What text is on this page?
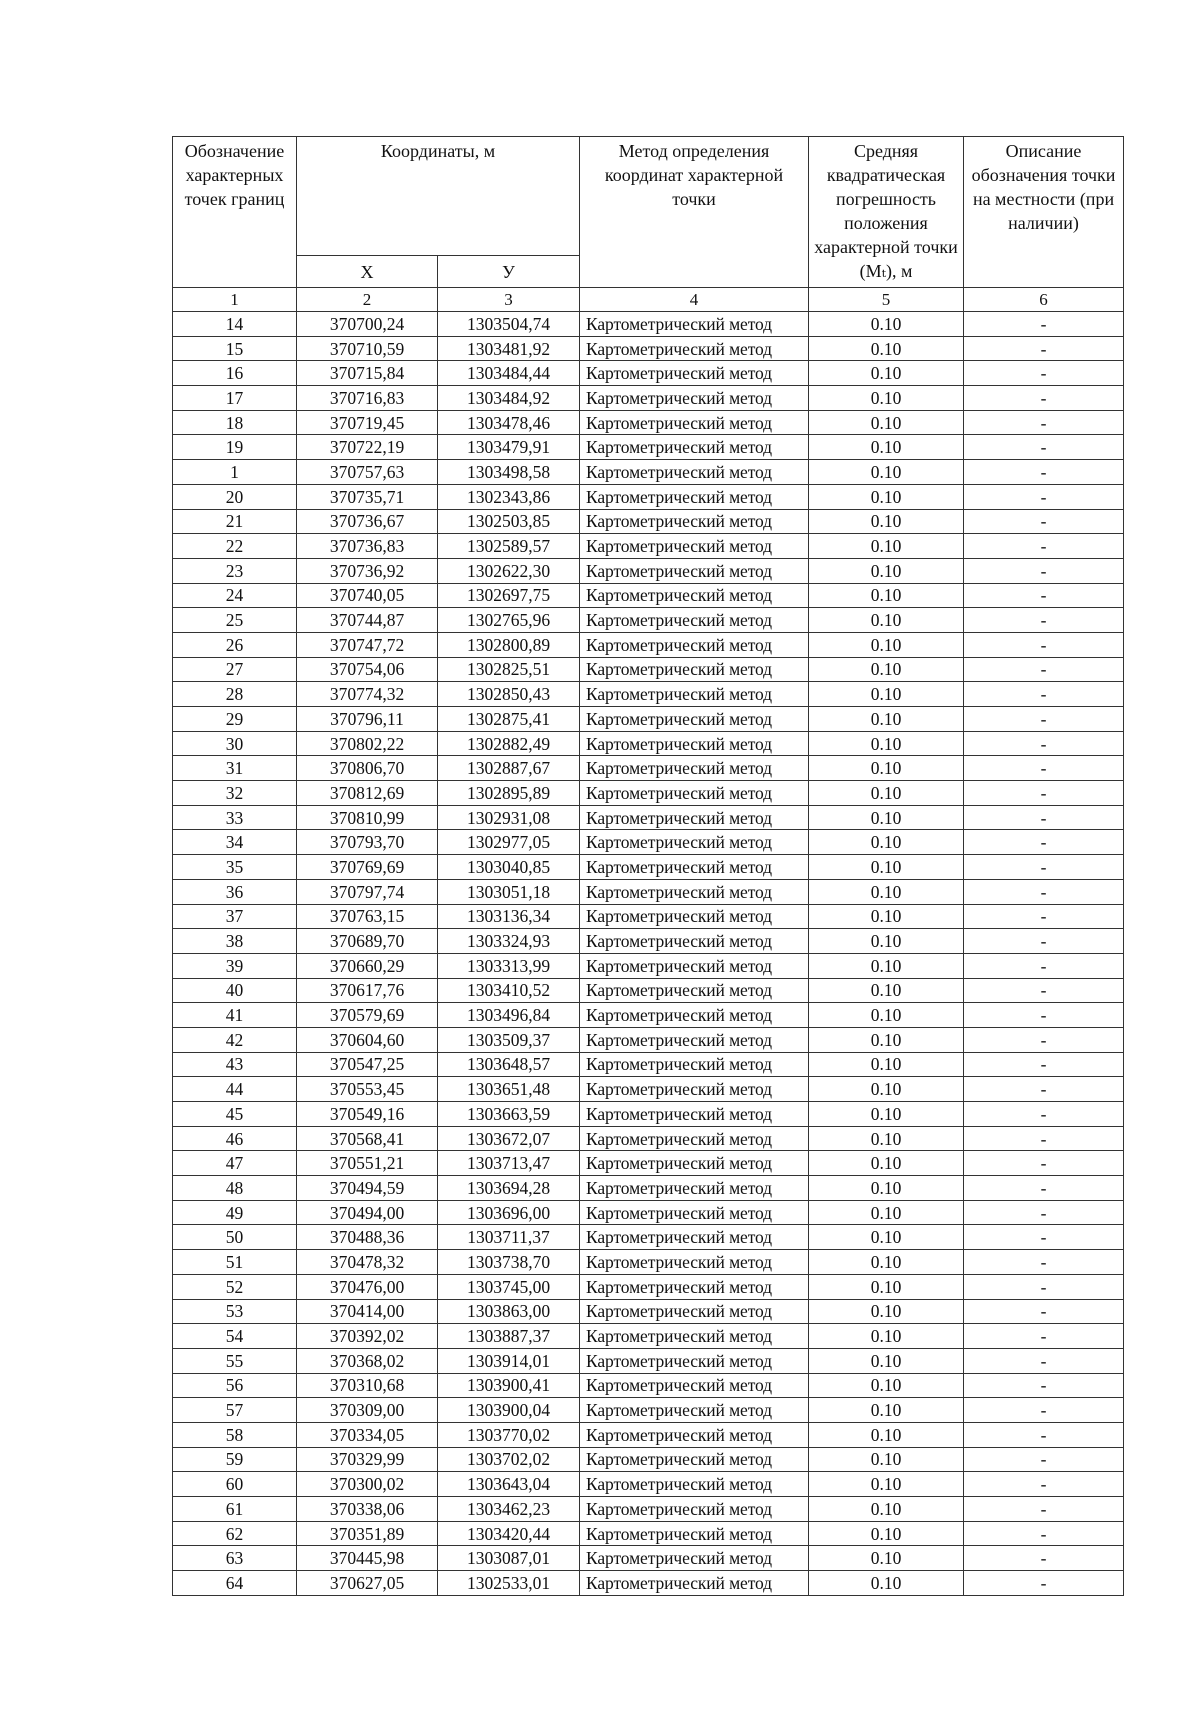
Обозначение характерных точек границ	Координаты, м		Метод определения координат характерной точки	Средняя квадратическая погрешность положения характерной точки (Mₜ), м	Описание обозначения точки на местности (при наличии)
	X	У			
1	2	3	4	5	6
14	370700,24	1303504,74	Картометрический метод	0.10	-
15	370710,59	1303481,92	Картометрический метод	0.10	-
16	370715,84	1303484,44	Картометрический метод	0.10	-
17	370716,83	1303484,92	Картометрический метод	0.10	-
18	370719,45	1303478,46	Картометрический метод	0.10	-
19	370722,19	1303479,91	Картометрический метод	0.10	-
1	370757,63	1303498,58	Картометрический метод	0.10	-
20	370735,71	1302343,86	Картометрический метод	0.10	-
21	370736,67	1302503,85	Картометрический метод	0.10	-
22	370736,83	1302589,57	Картометрический метод	0.10	-
23	370736,92	1302622,30	Картометрический метод	0.10	-
24	370740,05	1302697,75	Картометрический метод	0.10	-
25	370744,87	1302765,96	Картометрический метод	0.10	-
26	370747,72	1302800,89	Картометрический метод	0.10	-
27	370754,06	1302825,51	Картометрический метод	0.10	-
28	370774,32	1302850,43	Картометрический метод	0.10	-
29	370796,11	1302875,41	Картометрический метод	0.10	-
30	370802,22	1302882,49	Картометрический метод	0.10	-
31	370806,70	1302887,67	Картометрический метод	0.10	-
32	370812,69	1302895,89	Картометрический метод	0.10	-
33	370810,99	1302931,08	Картометрический метод	0.10	-
34	370793,70	1302977,05	Картометрический метод	0.10	-
35	370769,69	1303040,85	Картометрический метод	0.10	-
36	370797,74	1303051,18	Картометрический метод	0.10	-
37	370763,15	1303136,34	Картометрический метод	0.10	-
38	370689,70	1303324,93	Картометрический метод	0.10	-
39	370660,29	1303313,99	Картометрический метод	0.10	-
40	370617,76	1303410,52	Картометрический метод	0.10	-
41	370579,69	1303496,84	Картометрический метод	0.10	-
42	370604,60	1303509,37	Картометрический метод	0.10	-
43	370547,25	1303648,57	Картометрический метод	0.10	-
44	370553,45	1303651,48	Картометрический метод	0.10	-
45	370549,16	1303663,59	Картометрический метод	0.10	-
46	370568,41	1303672,07	Картометрический метод	0.10	-
47	370551,21	1303713,47	Картометрический метод	0.10	-
48	370494,59	1303694,28	Картометрический метод	0.10	-
49	370494,00	1303696,00	Картометрический метод	0.10	-
50	370488,36	1303711,37	Картометрический метод	0.10	-
51	370478,32	1303738,70	Картометрический метод	0.10	-
52	370476,00	1303745,00	Картометрический метод	0.10	-
53	370414,00	1303863,00	Картометрический метод	0.10	-
54	370392,02	1303887,37	Картометрический метод	0.10	-
55	370368,02	1303914,01	Картометрический метод	0.10	-
56	370310,68	1303900,41	Картометрический метод	0.10	-
57	370309,00	1303900,04	Картометрический метод	0.10	-
58	370334,05	1303770,02	Картометрический метод	0.10	-
59	370329,99	1303702,02	Картометрический метод	0.10	-
60	370300,02	1303643,04	Картометрический метод	0.10	-
61	370338,06	1303462,23	Картометрический метод	0.10	-
62	370351,89	1303420,44	Картометрический метод	0.10	-
63	370445,98	1303087,01	Картометрический метод	0.10	-
64	370627,05	1302533,01	Картометрический метод	0.10	-
